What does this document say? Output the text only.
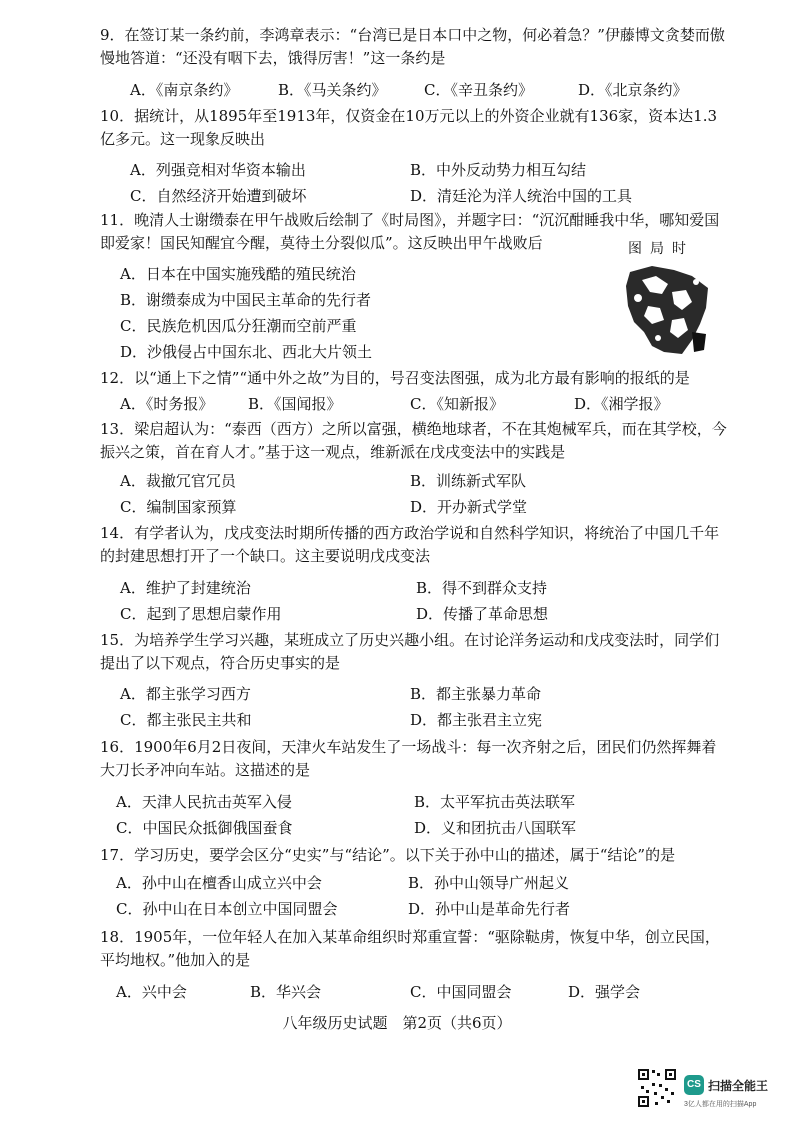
9．在签订某一条约前，李鸿章表示：“台湾已是日本口中之物，何必着急？”伊藤博文贪婪而傲慢地答道：“还没有咽下去，饿得厉害！”这一条约是
A．《南京条约》	B．《马关条约》 C．《辛丑条约》	D．《北京条约》
10．据统计，从1895年至1913年，仅资金在10万元以上的外资企业就有136家，资本达1.3亿多元。这一现象反映出
A．列强竞相对华资本输出	B．中外反动势力相互勾结
C．自然经济开始遭到破坏	D．清廷沦为洋人统治中国的工具
11．晚清人士谢缵泰在甲午战败后绘制了《时局图》，并题字曰：“沉沉酣睡我中华，哪知爱国即爱家！国民知醒宜今醒，莫待土分裂似瓜”。这反映出甲午战败后
A．日本在中国实施残酷的殖民统治
B．谢缵泰成为中国民主革命的先行者
C．民族危机因瓜分狂潮而空前严重
D．沙俄侵占中国东北、西北大片领土
图局时
12．以“通上下之情”“通中外之故”为目的，号召变法图强，成为北方最有影响的报纸的是
A．《时务报》 B．《国闻报》	C．《知新报》	D．《湘学报》
13．梁启超认为：“泰西（西方）之所以富强，横绝地球者，不在其炮械军兵，而在其学校，今振兴之策，首在育人才。”基于这一观点，维新派在戊戌变法中的实践是
A．裁撤冗官冗员	B．训练新式军队
C．编制国家预算	D．开办新式学堂
14．有学者认为，戊戌变法时期所传播的西方政治学说和自然科学知识，将统治了中国几千年的封建思想打开了一个缺口。这主要说明戊戌变法
A．维护了封建统治	B．得不到群众支持
C．起到了思想启蒙作用	D．传播了革命思想
15．为培养学生学习兴趣，某班成立了历史兴趣小组。在讨论洋务运动和戊戌变法时，同学们提出了以下观点，符合历史事实的是
A．都主张学习西方	B．都主张暴力革命
C．都主张民主共和	D．都主张君主立宪
16．1900年6月2日夜间，天津火车站发生了一场战斗：每一次齐射之后，团民们仍然挥舞着大刀长矛冲向车站。这描述的是
A．天津人民抗击英军入侵	B．太平军抗击英法联军
C．中国民众抵御俄国蚕食	D．义和团抗击八国联军
17．学习历史，要学会区分“史实”与“结论”。以下关于孙中山的描述，属于“结论”的是
A．孙中山在檀香山成立兴中会	B．孙中山领导广州起义
C．孙中山在日本创立中国同盟会	D．孙中山是革命先行者
18．1905年，一位年轻人在加入某革命组织时郑重宣誓：“驱除鞑虏，恢复中华，创立民国，平均地权。”他加入的是
A．兴中会	B．华兴会	C．中国同盟会	D．强学会
八年级历史试题　第2页（共6页）
CS 扫描全能王
3亿人都在用的扫描App
